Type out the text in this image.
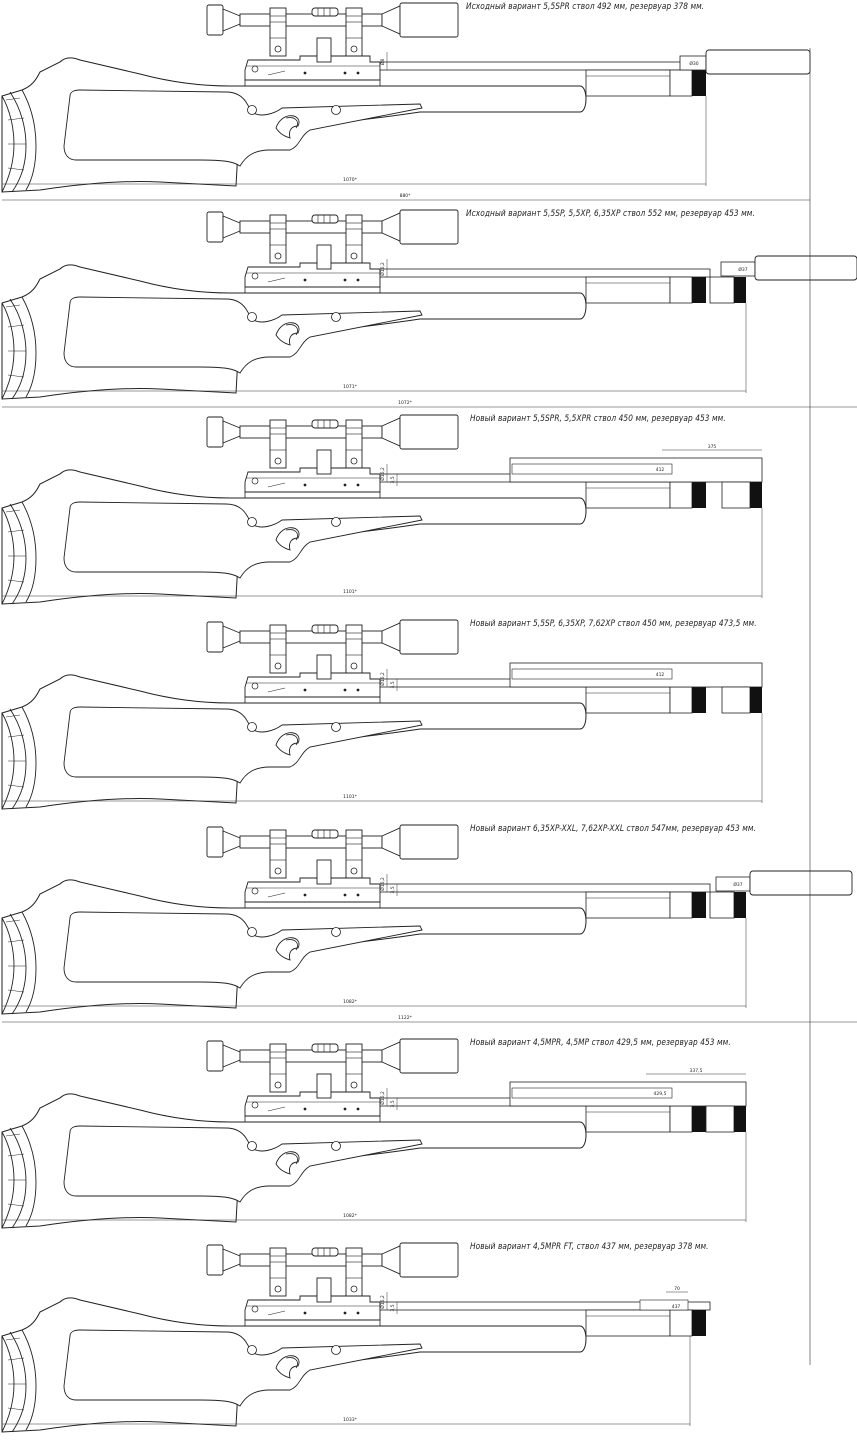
Ø8	Ø30
1070*
880*
Ø16,2	Ø37
1071*
1072*
Ø16,2 3,5
412
375
1101*
Ø16,2 3,5
412
1101*
Ø16,2 3,5
Ø37
1082*
1122*
Ø16,2 3,5
429,5
337,5
1082*
Ø16,2 3,5	437
70
1033*
Исходный вариант 5,5SPR ствол 492 мм, резервуар 378 мм.
Исходный вариант 5,5SP, 5,5XP, 6,35XP ствол 552 мм, резервуар 453 мм.
Новый вариант 5,5SPR, 5,5XPR ствол 450 мм, резервуар 453 мм.
Новый вариант 5,5SP, 6,35XP, 7,62XP ствол 450 мм, резервуар 473,5 мм.
Новый вариант 6,35XP-XXL, 7,62XP-XXL ствол 547мм, резервуар 453 мм.
Новый вариант 4,5MPR, 4,5MP ствол 429,5 мм, резервуар 453 мм.
Новый вариант 4,5MPR FT, ствол 437 мм, резервуар 378 мм.
